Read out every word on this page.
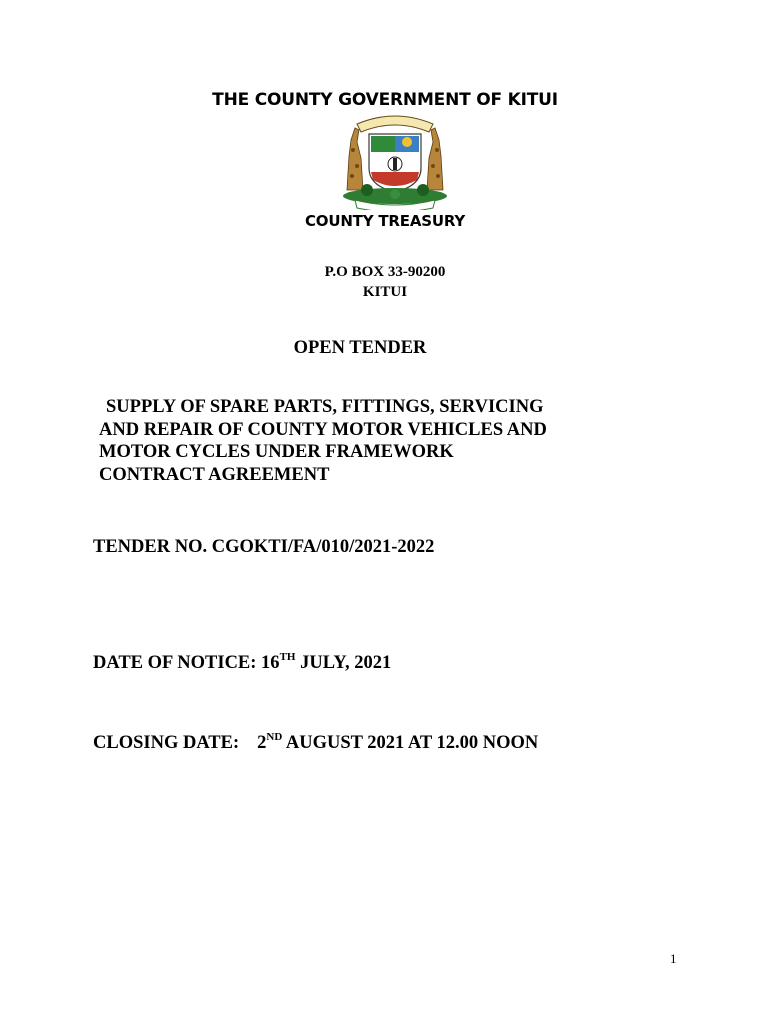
THE COUNTY GOVERNMENT OF KITUI
COUNTY TREASURY
P.O BOX 33-90200
KITUI
OPEN TENDER
SUPPLY OF SPARE PARTS, FITTINGS, SERVICING
AND REPAIR OF COUNTY MOTOR VEHICLES AND
MOTOR CYCLES UNDER FRAMEWORK
CONTRACT AGREEMENT
TENDER NO. CGOKTI/FA/010/2021-2022
DATE OF NOTICE: 16TH JULY, 2021
CLOSING DATE: 2ND AUGUST 2021 AT 12.00 NOON
1
